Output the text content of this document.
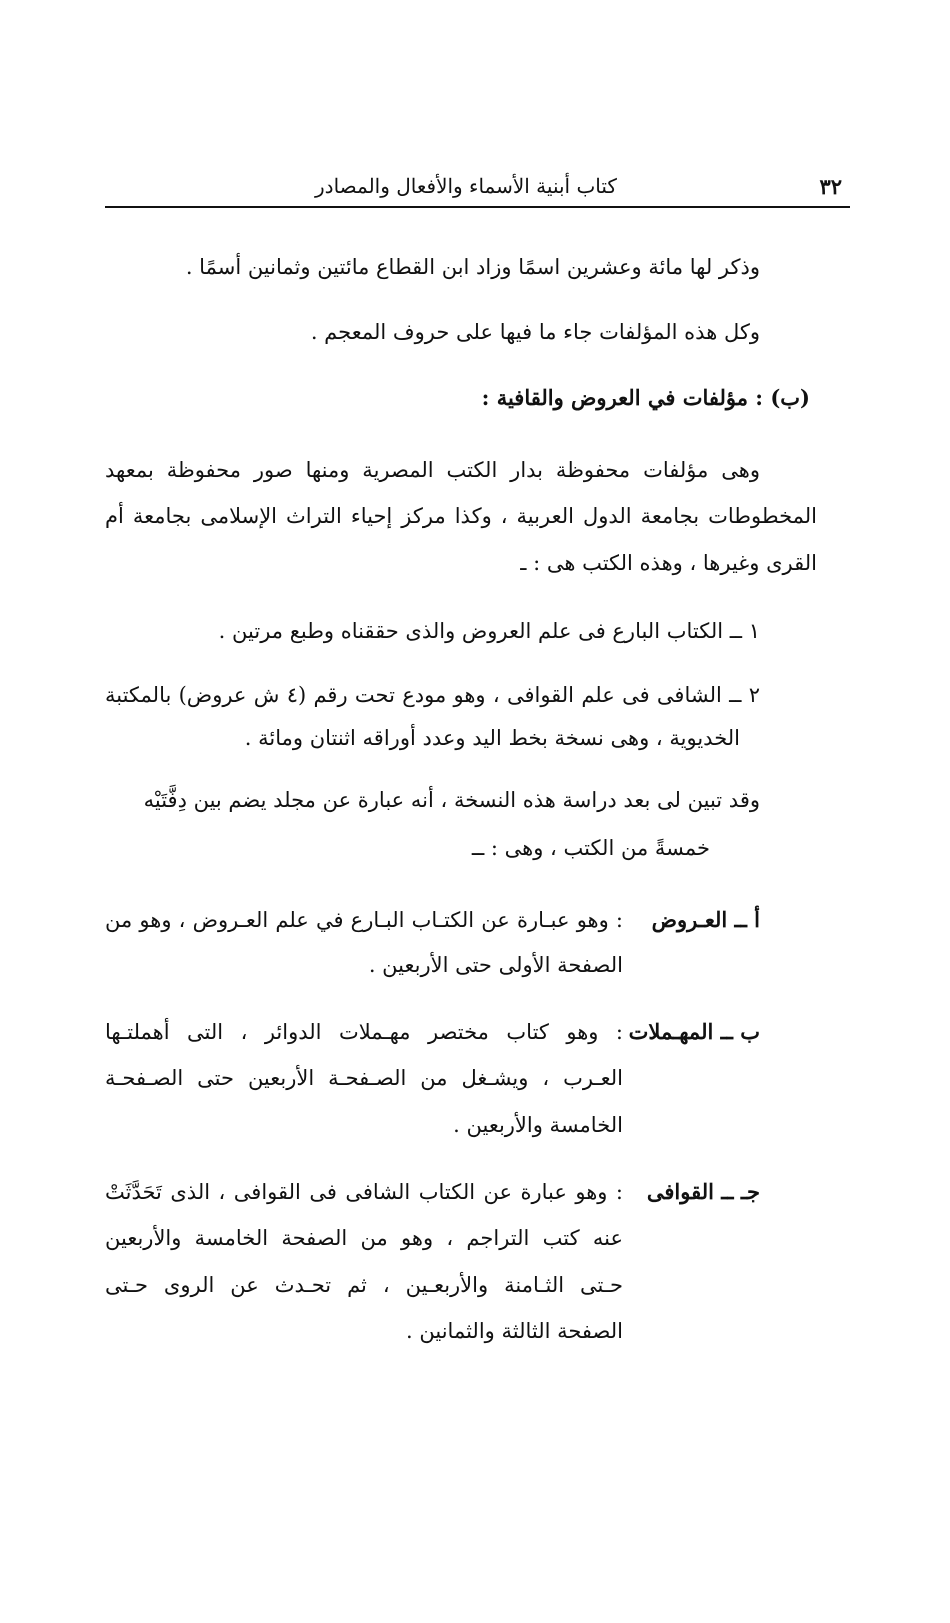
٣٢
كتاب أبنية الأسماء والأفعال والمصادر
وذكر لها مائة وعشرين اسمًا وزاد ابن القطاع مائتين وثمانين أسمًا .
وكل هذه المؤلفات جاء ما فيها على حروف المعجم .
(ب) : مؤلفات في العروض والقافية :
وهى مؤلفات محفوظة بدار الكتب المصرية ومنها صور محفوظة بمعهد
المخطوطات بجامعة الدول العربية ، وكذا مركز إحياء التراث الإسلامى بجامعة أم
القرى وغيرها ، وهذه الكتب هى : ـ
١ ــ الكتاب البارع فى علم العروض والذى حققناه وطبع مرتين .
٢ ــ الشافى فى علم القوافى ، وهو مودع تحت رقم (٤ ش عروض) بالمكتبة
الخديوية ، وهى نسخة بخط اليد وعدد أوراقه اثنتان ومائة .
وقد تبين لى بعد دراسة هذه النسخة ، أنه عبارة عن مجلد يضم بين دِفَّتَيْه
خمسةً من الكتب ، وهى : ــ
أ ــ العـروض
: وهو عبـارة عن الكتـاب البـارع في علم العـروض ، وهو من
الصفحة الأولى حتى الأربعين .
ب ــ المهـملات
: وهو كتاب مختصر مهـملات الدوائر ، التى أهملتـها
العـرب ، ويشـغل من الصـفحـة الأربعين حتى الصـفحـة
الخامسة والأربعين .
جـ ــ القوافى
: وهو عبارة عن الكتاب الشافى فى القوافى ، الذى تَحَدَّثَتْ
عنه كتب التراجم ، وهو من الصفحة الخامسة والأربعين
حـتى الثـامنة والأربعـين ، ثم تحـدث عن الروى حـتى
الصفحة الثالثة والثمانين .
